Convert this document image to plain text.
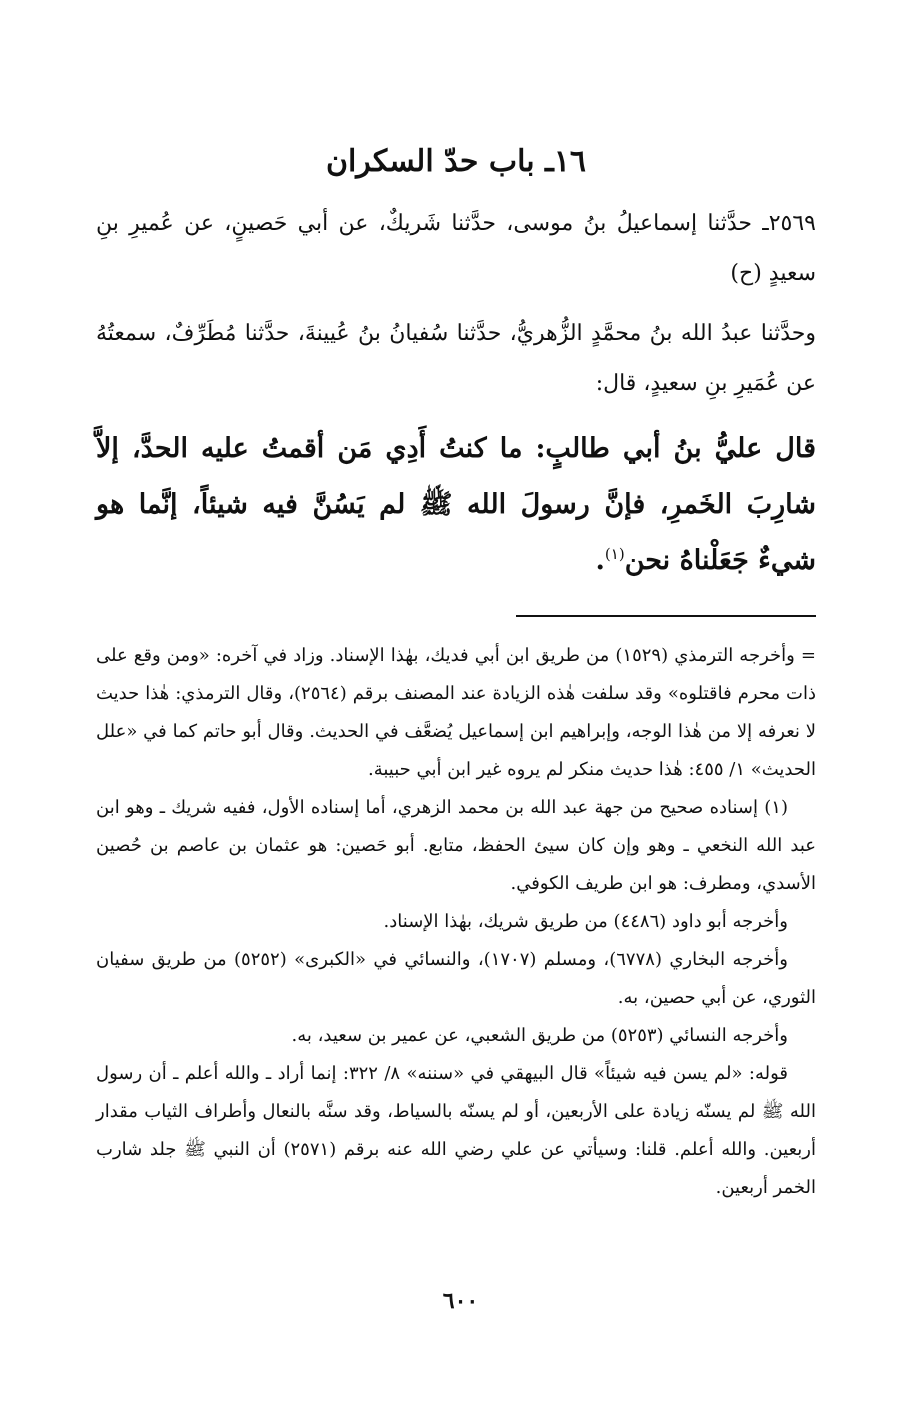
١٦ـ باب حدّ السكران

٢٥٦٩ـ حدَّثنا إسماعيلُ بنُ موسى، حدَّثنا شَريكٌ، عن أبي حَصينٍ، عن عُميرِ بنِ سعيدٍ (ح)

وحدَّثنا عبدُ الله بنُ محمَّدٍ الزُّهريُّ، حدَّثنا سُفيانُ بنُ عُيينةَ، حدَّثنا مُطَرِّفٌ، سمعتُهُ عن عُمَيرِ بنِ سعيدٍ، قال:

قال عليُّ بنُ أبي طالبٍ: ما كنتُ أَدِي مَن أقمتُ عليه الحدَّ، إلاَّ شارِبَ الخَمرِ، فإنَّ رسولَ الله ﷺ لم يَسُنَّ فيه شيئاً، إنَّما هو شيءٌ جَعَلْناهُ نحن$^{(١)}$.

= وأخرجه الترمذي (١٥٢٩) من طريق ابن أبي فديك، بهٰذا الإسناد. وزاد في آخره: «ومن وقع على ذات محرم فاقتلوه» وقد سلفت هٰذه الزيادة عند المصنف برقم (٢٥٦٤)، وقال الترمذي: هٰذا حديث لا نعرفه إلا من هٰذا الوجه، وإبراهيم ابن إسماعيل يُضعَّف في الحديث. وقال أبو حاتم كما في «علل الحديث» ١/ ٤٥٥: هٰذا حديث منكر لم يروه غير ابن أبي حبيبة.

(١) إسناده صحيح من جهة عبد الله بن محمد الزهري، أما إسناده الأول، ففيه شريك ـ وهو ابن عبد الله النخعي ـ وهو وإن كان سيئ الحفظ، متابع. أبو حَصين: هو عثمان بن عاصم بن حُصين الأسدي، ومطرف: هو ابن طريف الكوفي.

وأخرجه أبو داود (٤٤٨٦) من طريق شريك، بهٰذا الإسناد.

وأخرجه البخاري (٦٧٧٨)، ومسلم (١٧٠٧)، والنسائي في «الكبرى» (٥٢٥٢) من طريق سفيان الثوري، عن أبي حصين، به.

وأخرجه النسائي (٥٢٥٣) من طريق الشعبي، عن عمير بن سعيد، به.

قوله: «لم يسن فيه شيئاً» قال البيهقي في «سننه» ٨/ ٣٢٢: إنما أراد ـ والله أعلم ـ أن رسول الله ﷺ لم يسنّه زيادة على الأربعين، أو لم يسنّه بالسياط، وقد سنَّه بالنعال وأطراف الثياب مقدار أربعين. والله أعلم. قلنا: وسيأتي عن علي رضي الله عنه برقم (٢٥٧١) أن النبي ﷺ جلد شارب الخمر أربعين.

٦٠٠
